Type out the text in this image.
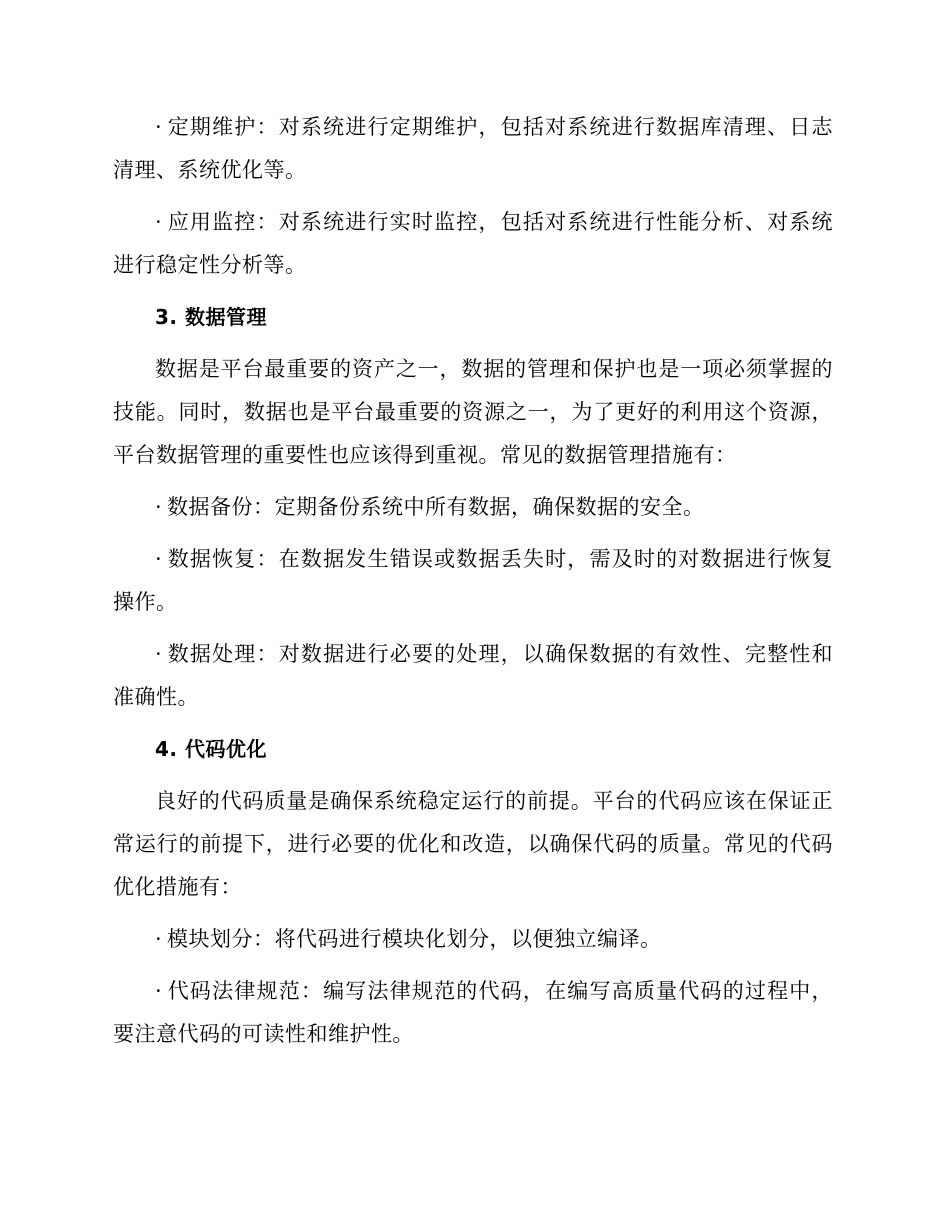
· 定期维护：对系统进行定期维护，包括对系统进行数据库清理、日志清理、系统优化等。

· 应用监控：对系统进行实时监控，包括对系统进行性能分析、对系统进行稳定性分析等。

3. 数据管理

数据是平台最重要的资产之一，数据的管理和保护也是一项必须掌握的技能。同时，数据也是平台最重要的资源之一，为了更好的利用这个资源，平台数据管理的重要性也应该得到重视。常见的数据管理措施有：

· 数据备份：定期备份系统中所有数据，确保数据的安全。

· 数据恢复：在数据发生错误或数据丢失时，需及时的对数据进行恢复操作。

· 数据处理：对数据进行必要的处理，以确保数据的有效性、完整性和准确性。

4. 代码优化

良好的代码质量是确保系统稳定运行的前提。平台的代码应该在保证正常运行的前提下，进行必要的优化和改造，以确保代码的质量。常见的代码优化措施有：

· 模块划分：将代码进行模块化划分，以便独立编译。

· 代码法律规范：编写法律规范的代码，在编写高质量代码的过程中，要注意代码的可读性和维护性。
